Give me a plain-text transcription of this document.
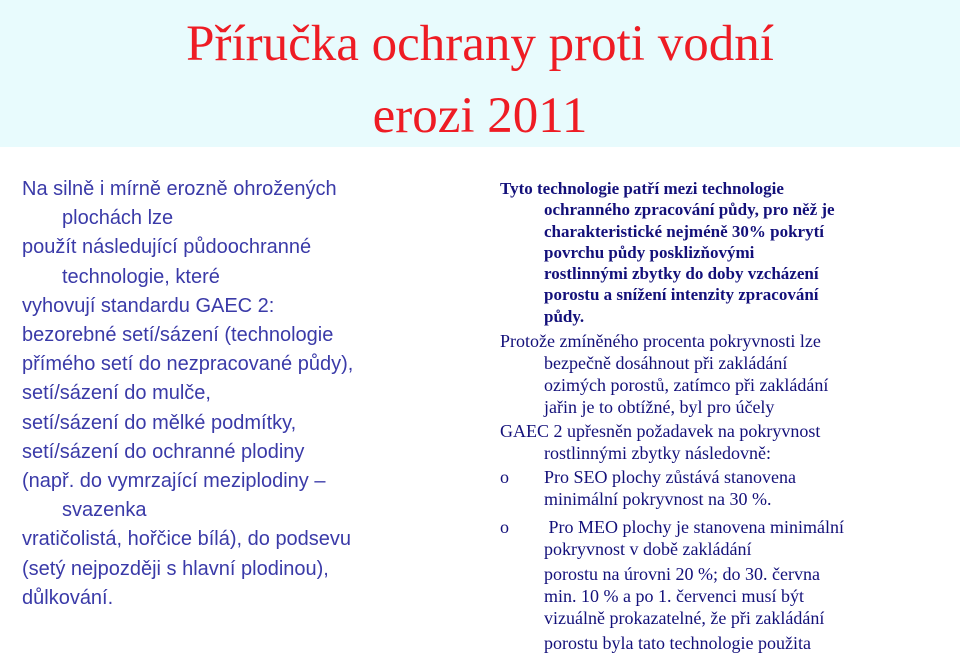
Příručka ochrany proti vodní
erozi 2011
Na silně i mírně erozně ohrožených
plochách lze
použít následující půdoochranné
technologie, které
vyhovují standardu GAEC 2:
bezorebné setí/sázení (technologie
přímého setí do nezpracované půdy),
setí/sázení do mulče,
setí/sázení do mělké podmítky,
setí/sázení do ochranné plodiny
(např. do vymrzající meziplodiny –
svazenka
vratičolistá, hořčice bílá), do podsevu
(setý nejpozději s hlavní plodinou),
důlkování.
Tyto technologie patří mezi technologie
ochranného zpracování půdy, pro něž je
charakteristické nejméně 30% pokrytí
povrchu půdy posklizňovými
rostlinnými zbytky do doby vzcházení
porostu a snížení intenzity zpracování
půdy.
Protože zmíněného procenta pokryvnosti lze
bezpečně dosáhnout při zakládání
ozimých porostů, zatímco při zakládání
jařin je to obtížné, byl pro účely
GAEC 2 upřesněn požadavek na pokryvnost
rostlinnými zbytky následovně:
o Pro SEO plochy zůstává stanovena
minimální pokryvnost na 30 %.
o Pro MEO plochy je stanovena minimální
pokryvnost v době zakládání
porostu na úrovni 20 %; do 30. června
min. 10 % a po 1. červenci musí být
vizuálně prokazatelné, že při zakládání
porostu byla tato technologie použita
